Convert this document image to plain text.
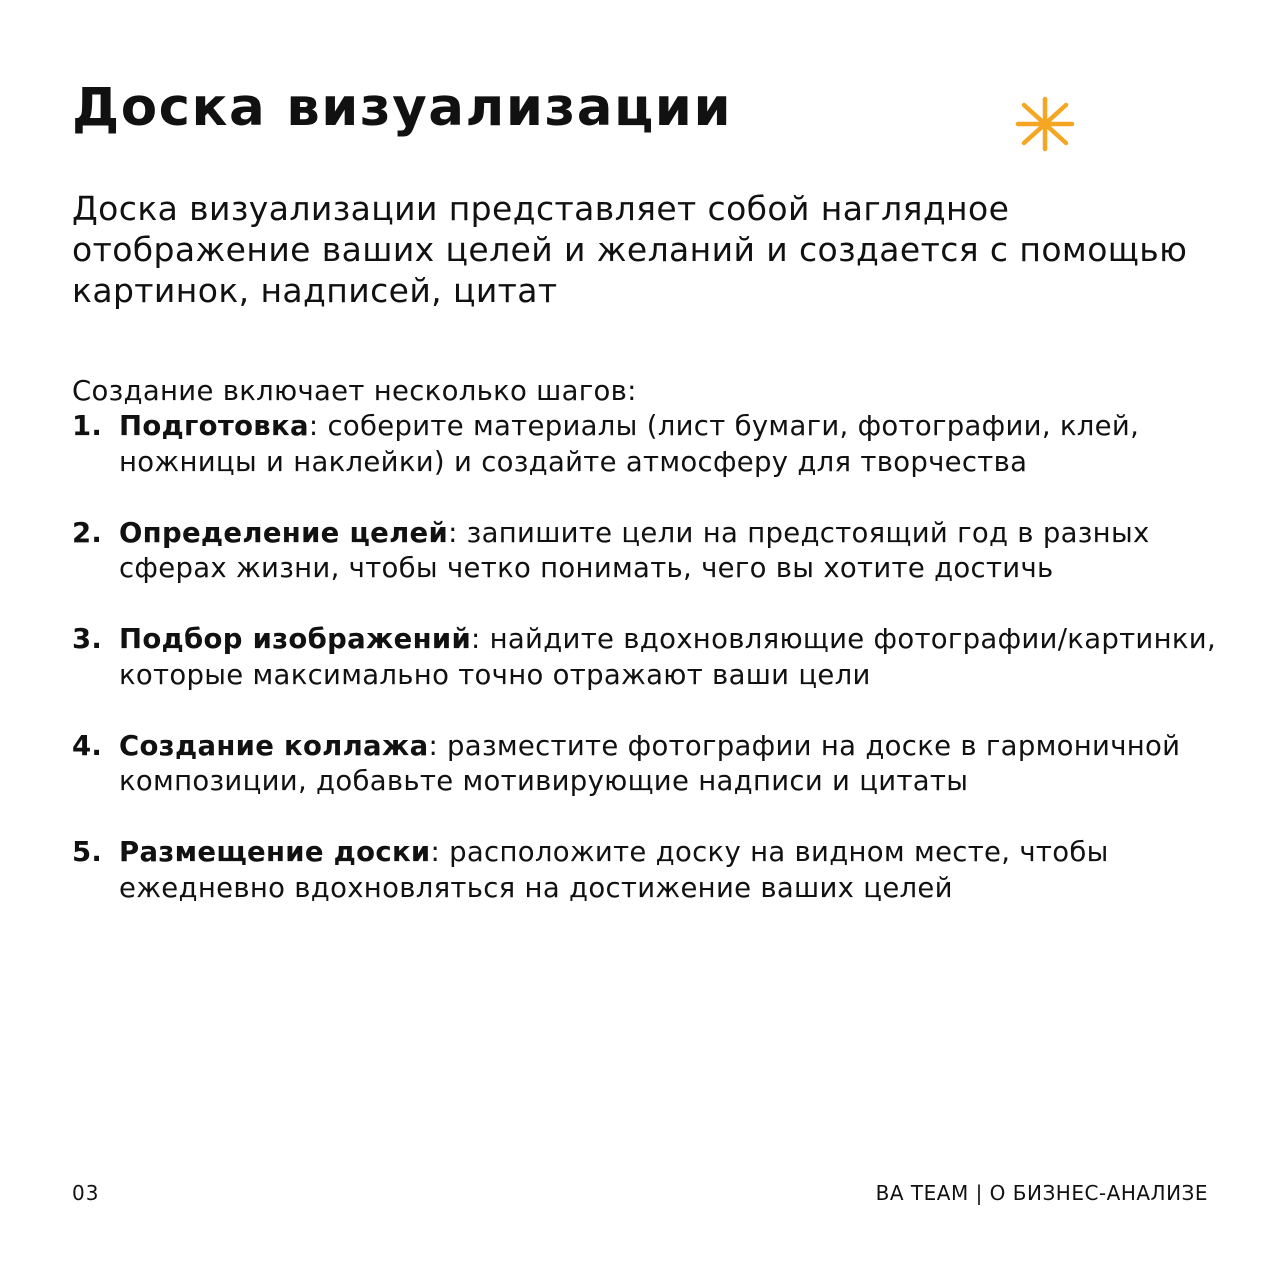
Доска визуализации

Доска визуализации представляет собой наглядное отображение ваших целей и желаний и создается с помощью картинок, надписей, цитат

Создание включает несколько шагов:

1. Подготовка: соберите материалы (лист бумаги, фотографии, клей, ножницы и наклейки) и создайте атмосферу для творчества
2. Определение целей: запишите цели на предстоящий год в разных сферах жизни, чтобы четко понимать, чего вы хотите достичь
3. Подбор изображений: найдите вдохновляющие фотографии/картинки, которые максимально точно отражают ваши цели
4. Создание коллажа: разместите фотографии на доске в гармоничной композиции, добавьте мотивирующие надписи и цитаты
5. Размещение доски: расположите доску на видном месте, чтобы ежедневно вдохновляться на достижение ваших целей
03	BA TEAM | О БИЗНЕС-АНАЛИЗЕ
